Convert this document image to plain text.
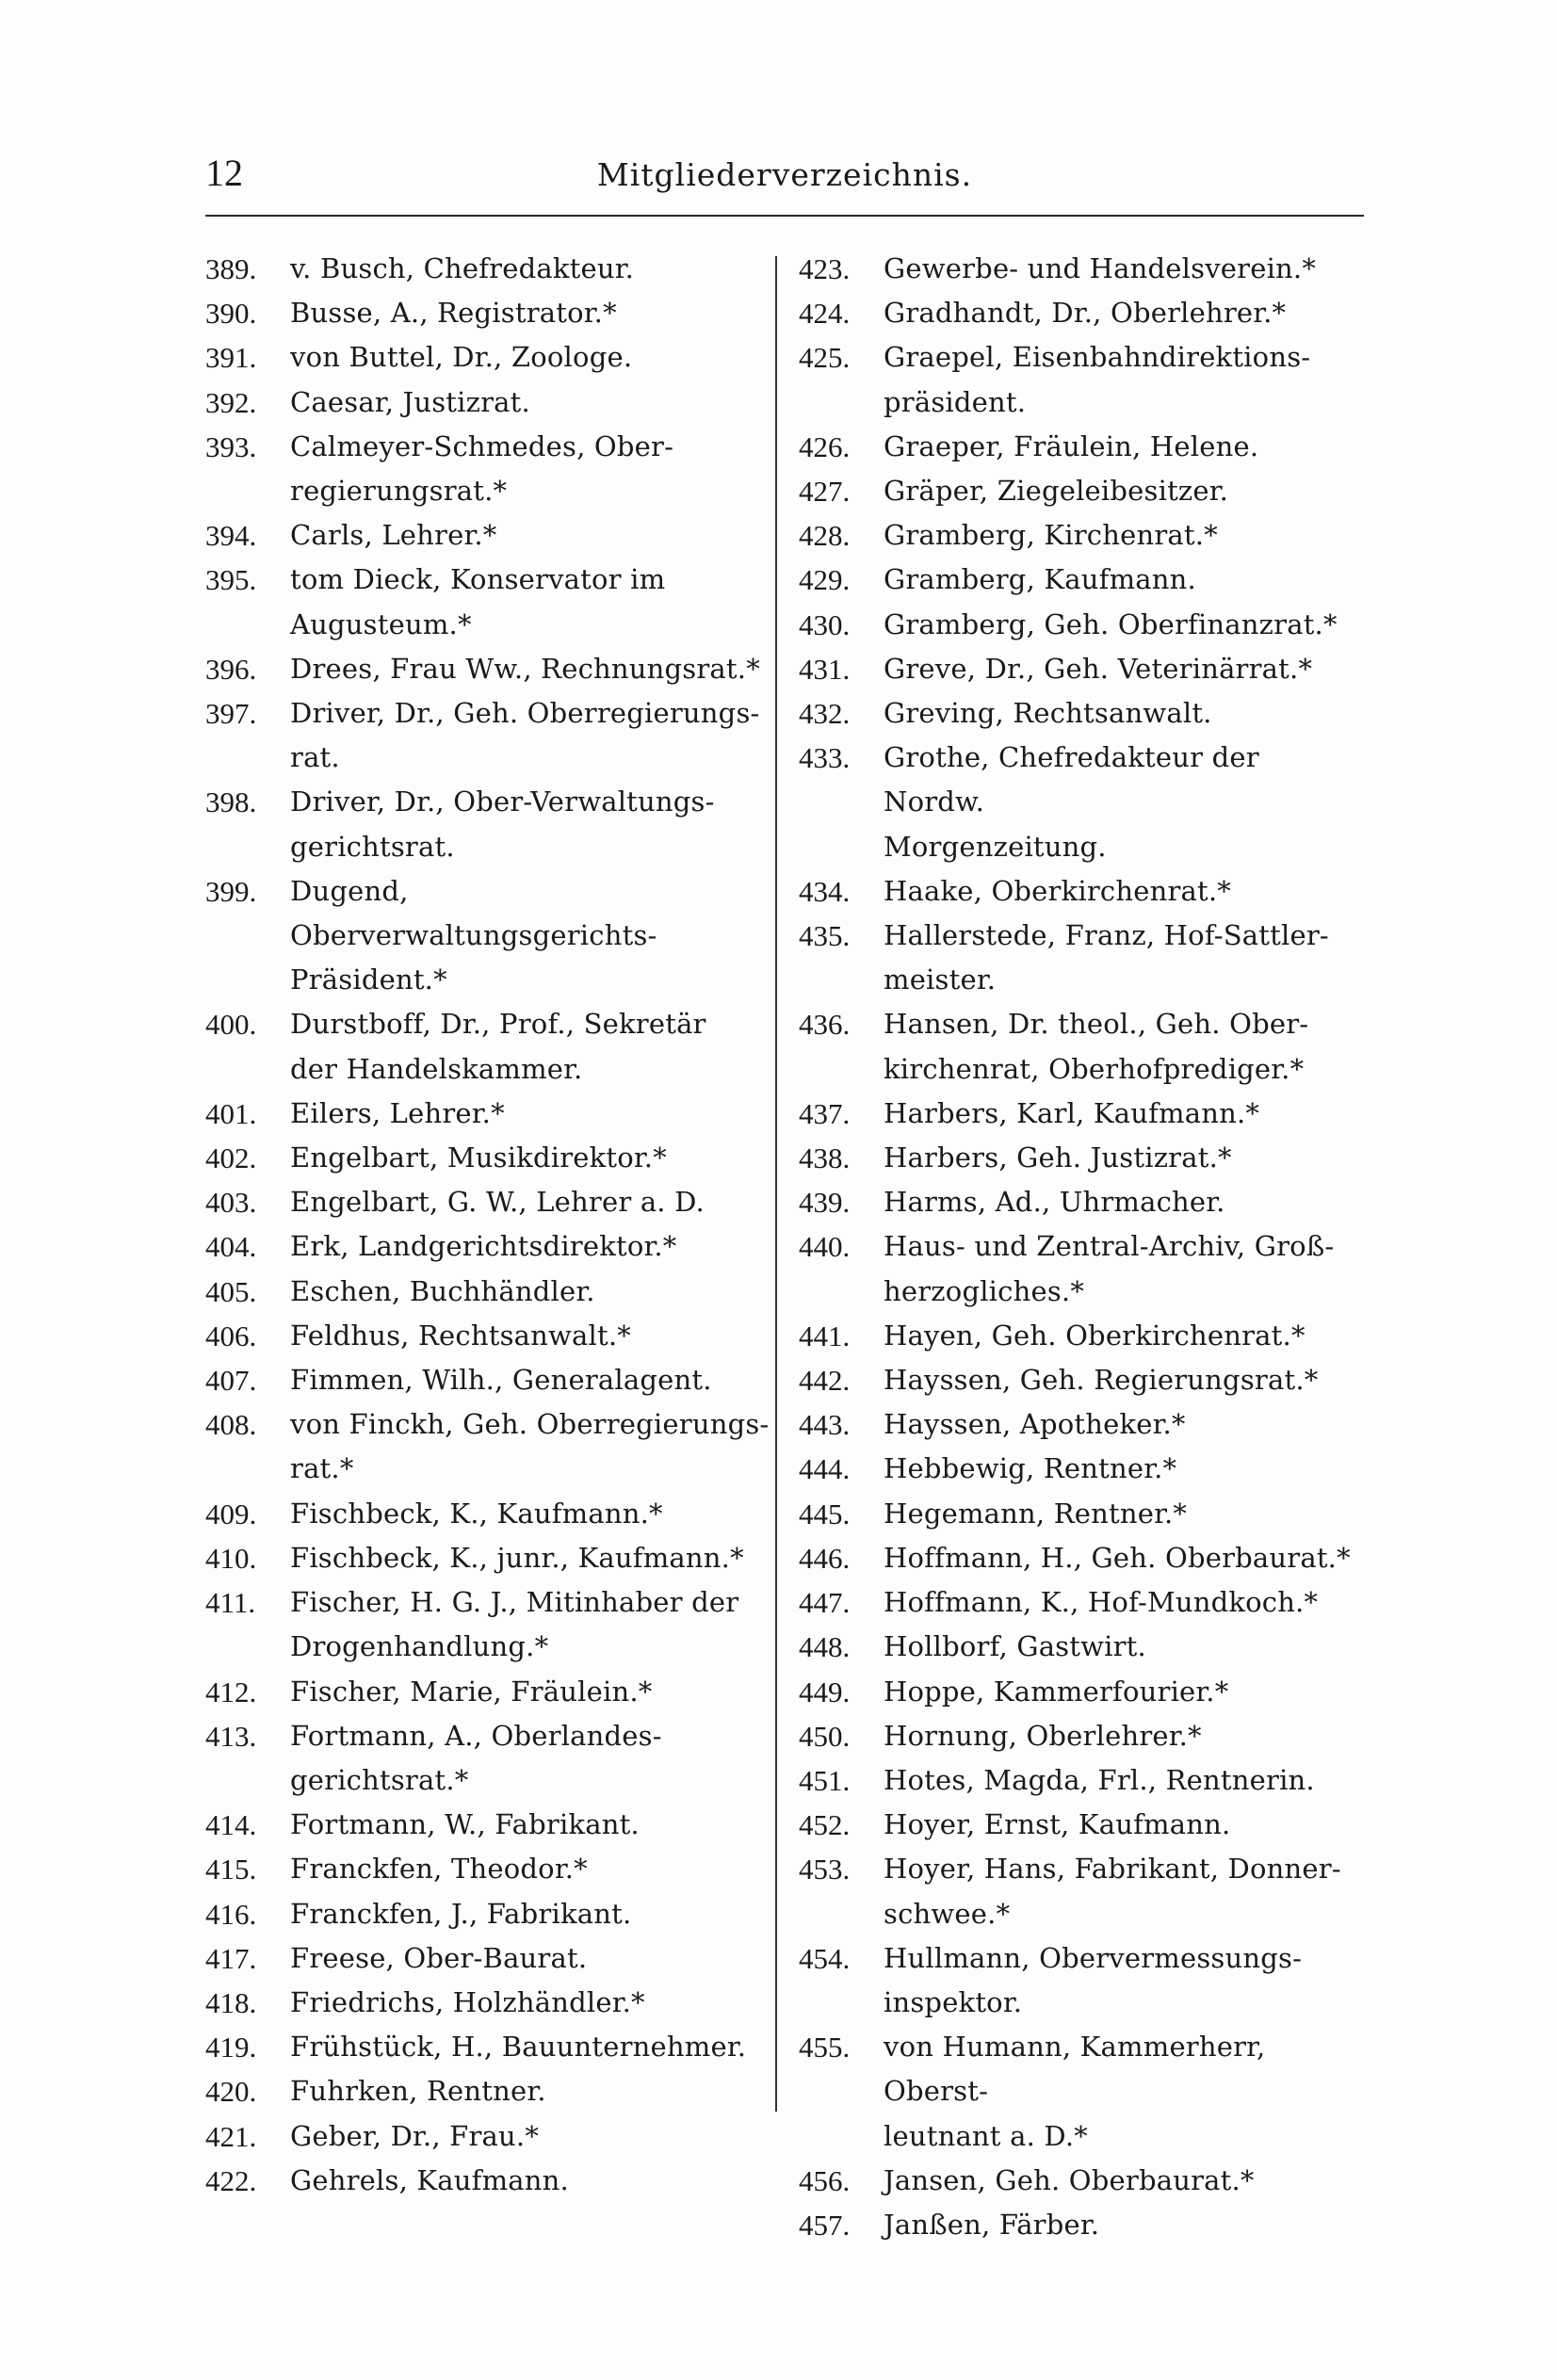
12	Mitgliederverzeichnis.
389.	v. Busch, Chefredakteur.
390.	Busse, A., Registrator.*
391.	von Buttel, Dr., Zoologe.
392.	Caesar, Justizrat.
393.	Calmeyer-Schmedes, Ober-
regierungsrat.*
394.	Carls, Lehrer.*
395.	tom Dieck, Konservator im
Augusteum.*
396.	Drees, Frau Ww., Rechnungsrat.*
397.	Driver, Dr., Geh. Oberregierungs-
rat.
398.	Driver, Dr., Ober-Verwaltungs-
gerichtsrat.
399.	Dugend, Oberverwaltungsgerichts-
Präsident.*
400.	Durstboff, Dr., Prof., Sekretär
der Handelskammer.
401.	Eilers, Lehrer.*
402.	Engelbart, Musikdirektor.*
403.	Engelbart, G. W., Lehrer a. D.
404.	Erk, Landgerichtsdirektor.*
405.	Eschen, Buchhändler.
406.	Feldhus, Rechtsanwalt.*
407.	Fimmen, Wilh., Generalagent.
408.	von Finckh, Geh. Oberregierungs-
rat.*
409.	Fischbeck, K., Kaufmann.*
410.	Fischbeck, K., junr., Kaufmann.*
411.	Fischer, H. G. J., Mitinhaber der
Drogenhandlung.*
412.	Fischer, Marie, Fräulein.*
413.	Fortmann, A., Oberlandes-
gerichtsrat.*
414.	Fortmann, W., Fabrikant.
415.	Franckfen, Theodor.*
416.	Franckfen, J., Fabrikant.
417.	Freese, Ober-Baurat.
418.	Friedrichs, Holzhändler.*
419.	Frühstück, H., Bauunternehmer.
420.	Fuhrken, Rentner.
421.	Geber, Dr., Frau.*
422.	Gehrels, Kaufmann.
423.	Gewerbe- und Handelsverein.*
424.	Gradhandt, Dr., Oberlehrer.*
425.	Graepel, Eisenbahndirektions-
präsident.
426.	Graeper, Fräulein, Helene.
427.	Gräper, Ziegeleibesitzer.
428.	Gramberg, Kirchenrat.*
429.	Gramberg, Kaufmann.
430.	Gramberg, Geh. Oberfinanzrat.*
431.	Greve, Dr., Geh. Veterinärrat.*
432.	Greving, Rechtsanwalt.
433.	Grothe, Chefredakteur der Nordw.
Morgenzeitung.
434.	Haake, Oberkirchenrat.*
435.	Hallerstede, Franz, Hof-Sattler-
meister.
436.	Hansen, Dr. theol., Geh. Ober-
kirchenrat, Oberhofprediger.*
437.	Harbers, Karl, Kaufmann.*
438.	Harbers, Geh. Justizrat.*
439.	Harms, Ad., Uhrmacher.
440.	Haus- und Zentral-Archiv, Groß-
herzogliches.*
441.	Hayen, Geh. Oberkirchenrat.*
442.	Hayssen, Geh. Regierungsrat.*
443.	Hayssen, Apotheker.*
444.	Hebbewig, Rentner.*
445.	Hegemann, Rentner.*
446.	Hoffmann, H., Geh. Oberbaurat.*
447.	Hoffmann, K., Hof-Mundkoch.*
448.	Hollborf, Gastwirt.
449.	Hoppe, Kammerfourier.*
450.	Hornung, Oberlehrer.*
451.	Hotes, Magda, Frl., Rentnerin.
452.	Hoyer, Ernst, Kaufmann.
453.	Hoyer, Hans, Fabrikant, Donner-
schwee.*
454.	Hullmann, Obervermessungs-
inspektor.
455.	von Humann, Kammerherr, Oberst-
leutnant a. D.*
456.	Jansen, Geh. Oberbaurat.*
457.	Janßen, Färber.
